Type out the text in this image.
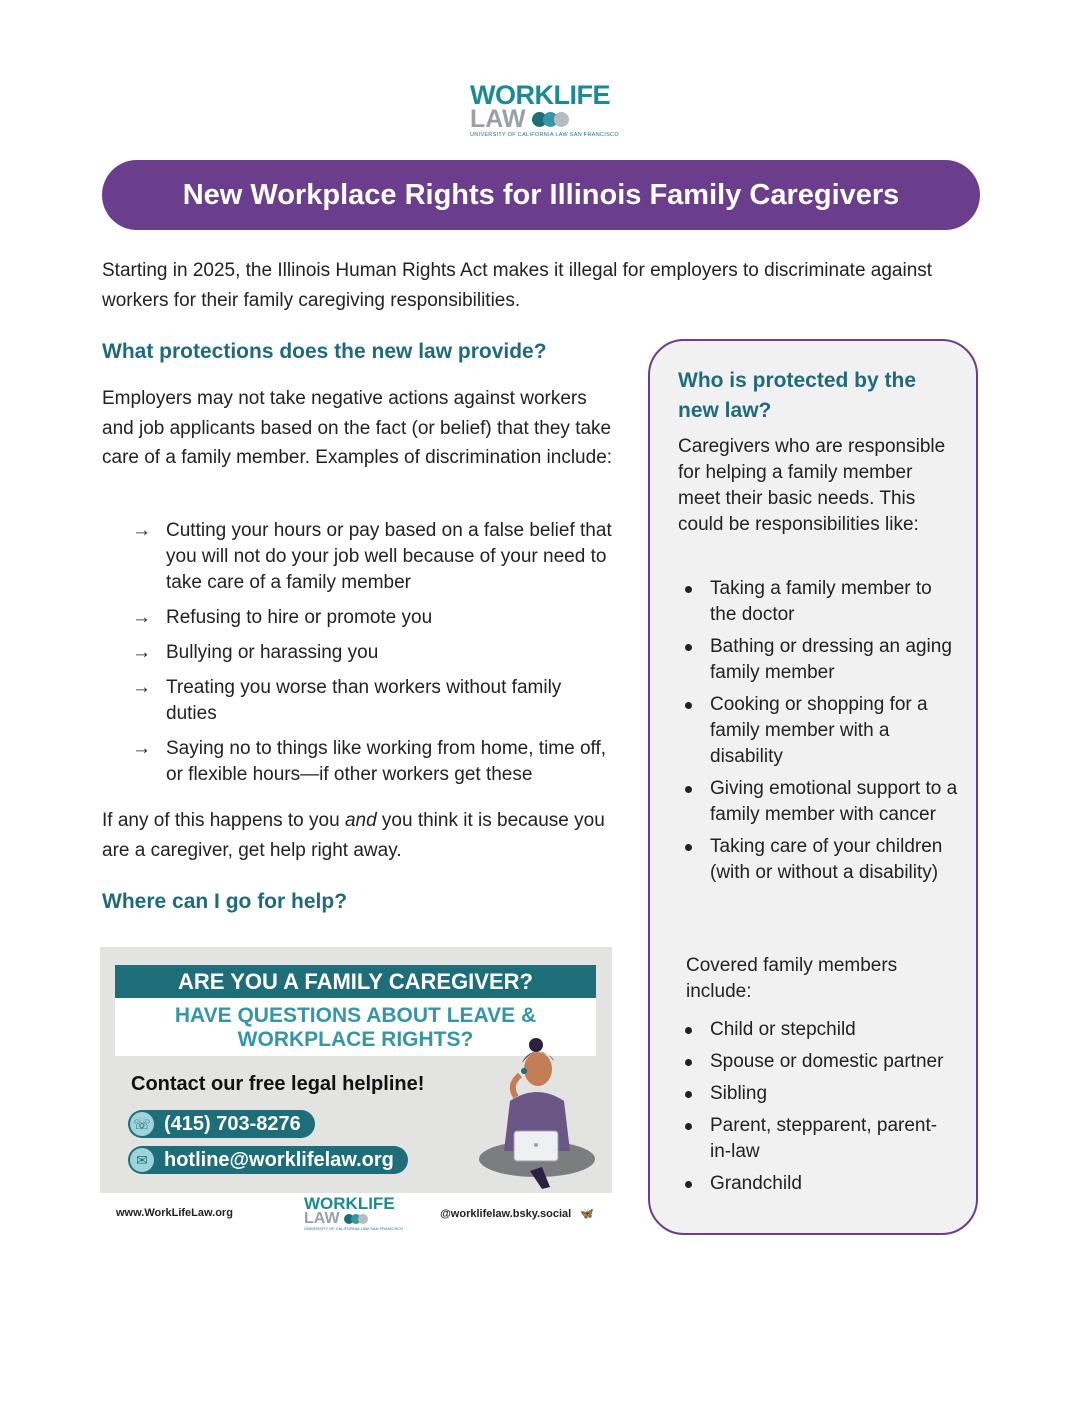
WORKLIFE
LAW
UNIVERSITY OF CALIFORNIA LAW SAN FRANCISCO
New Workplace Rights for Illinois Family Caregivers
Starting in 2025, the Illinois Human Rights Act makes it illegal for employers to discriminate against workers for their family caregiving responsibilities.
What protections does the new law provide?
Employers may not take negative actions against workers and job applicants based on the fact (or belief) that they take care of a family member. Examples of discrimination include:
→ Cutting your hours or pay based on a false belief that you will not do your job well because of your need to take care of a family member
→ Refusing to hire or promote you
→ Bullying or harassing you
→ Treating you worse than workers without family duties
→ Saying no to things like working from home, time off, or flexible hours—if other workers get these
If any of this happens to you and you think it is because you are a caregiver, get help right away.
Where can I go for help?
ARE YOU A FAMILY CAREGIVER?
HAVE QUESTIONS ABOUT LEAVE & WORKPLACE RIGHTS?
Contact our free legal helpline!
☏ (415) 703-8276
✉ hotline@worklifelaw.org
www.WorkLifeLaw.org	WORKLIFE
LAW
UNIVERSITY OF CALIFORNIA LAW SAN FRANCISCO
@worklifelaw.bsky.social 🦋
Who is protected by the new law?
Caregivers who are responsible for helping a family member meet their basic needs. This could be responsibilities like:
Taking a family member to the doctor
Bathing or dressing an aging family member
Cooking or shopping for a family member with a disability
Giving emotional support to a family member with cancer
Taking care of your children (with or without a disability)
Covered family members include:
Child or stepchild
Spouse or domestic partner
Sibling
Parent, stepparent, parent-in-law
Grandchild
